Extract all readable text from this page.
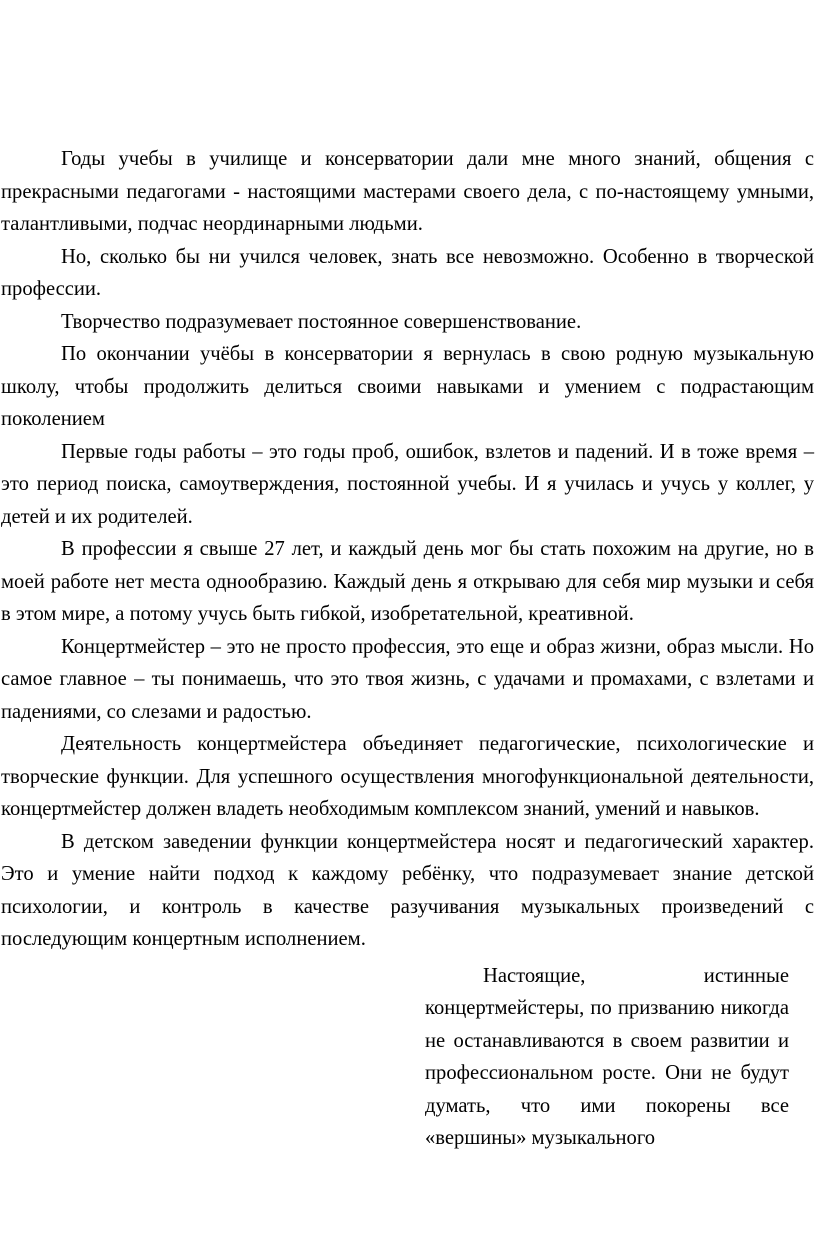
Годы учебы в училище и консерватории дали мне много знаний, общения с прекрасными педагогами - настоящими мастерами своего дела, с по-настоящему умными, талантливыми, подчас неординарными людьми.

Но, сколько бы ни учился человек, знать все невозможно. Особенно в творческой профессии.

Творчество подразумевает постоянное совершенствование.

По окончании учёбы в консерватории я вернулась в свою родную музыкальную школу, чтобы продолжить делиться своими навыками и умением с подрастающим поколением

Первые годы работы – это годы проб, ошибок, взлетов и падений. И в тоже время – это период поиска, самоутверждения, постоянной учебы. И я училась и учусь у коллег, у детей и их родителей.

В профессии я свыше 27 лет, и каждый день мог бы стать похожим на другие, но в моей работе нет места однообразию. Каждый день я открываю для себя мир музыки и себя в этом мире, а потому учусь быть гибкой, изобретательной, креативной.

Концертмейстер – это не просто профессия, это еще и образ жизни, образ мысли. Но самое главное – ты понимаешь, что это твоя жизнь, с удачами и промахами, с взлетами и падениями, со слезами и радостью.

Деятельность концертмейстера объединяет педагогические, психологические и творческие функции. Для успешного осуществления многофункциональной деятельности, концертмейстер должен владеть необходимым комплексом знаний, умений и навыков.

В детском заведении функции концертмейстера носят и педагогический характер. Это и умение найти подход к каждому ребёнку, что подразумевает знание детской психологии, и контроль в качестве разучивания музыкальных произведений с последующим концертным исполнением.

Настоящие, истинные концертмейстеры, по призванию никогда не останавливаются в своем развитии и профессиональном росте. Они не будут думать, что ими покорены все «вершины» музыкального
